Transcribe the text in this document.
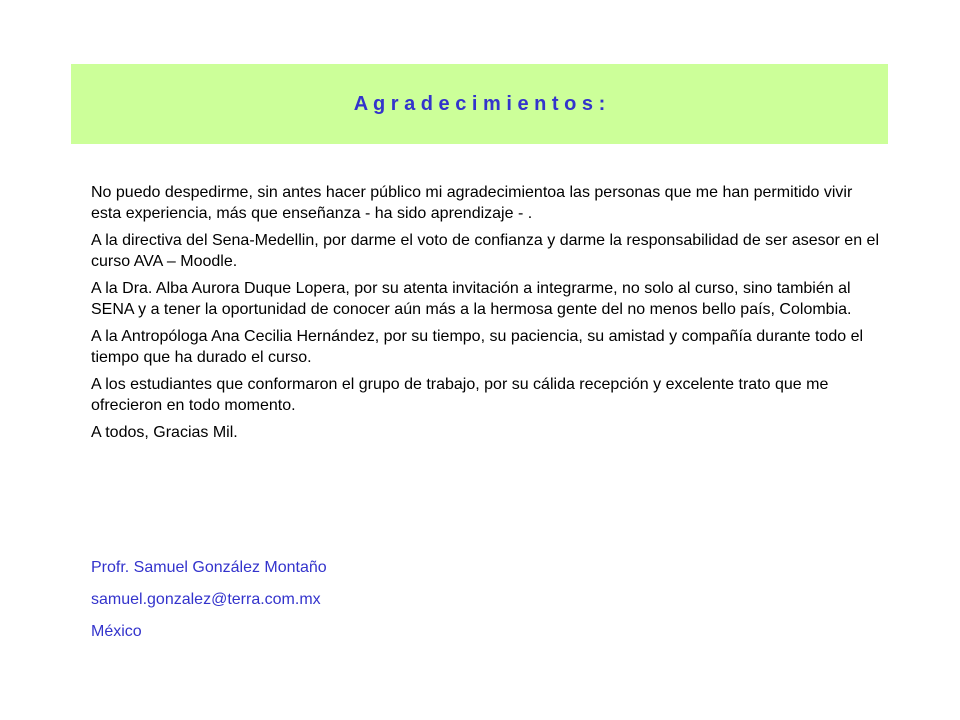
A g r a d e c i m i e n t o s :

No puedo despedirme, sin antes hacer público mi agradecimientoa las personas que me han permitido vivir esta experiencia, más que enseñanza - ha sido aprendizaje - .

A la directiva del Sena-Medellin, por darme el voto de confianza y darme la responsabilidad de ser asesor en el curso AVA – Moodle.

A la Dra. Alba Aurora Duque Lopera, por su atenta invitación a integrarme, no solo al curso, sino también al SENA y a tener la oportunidad de conocer aún más a la hermosa gente del no menos bello país, Colombia.

A la Antropóloga Ana Cecilia Hernández, por su tiempo, su paciencia, su amistad y compañía durante todo el tiempo que ha durado el curso.

A los estudiantes que conformaron el grupo de trabajo, por su cálida recepción y excelente trato que me ofrecieron en todo momento.

A todos, Gracias Mil.

Profr. Samuel González Montaño

samuel.gonzalez@terra.com.mx

México
